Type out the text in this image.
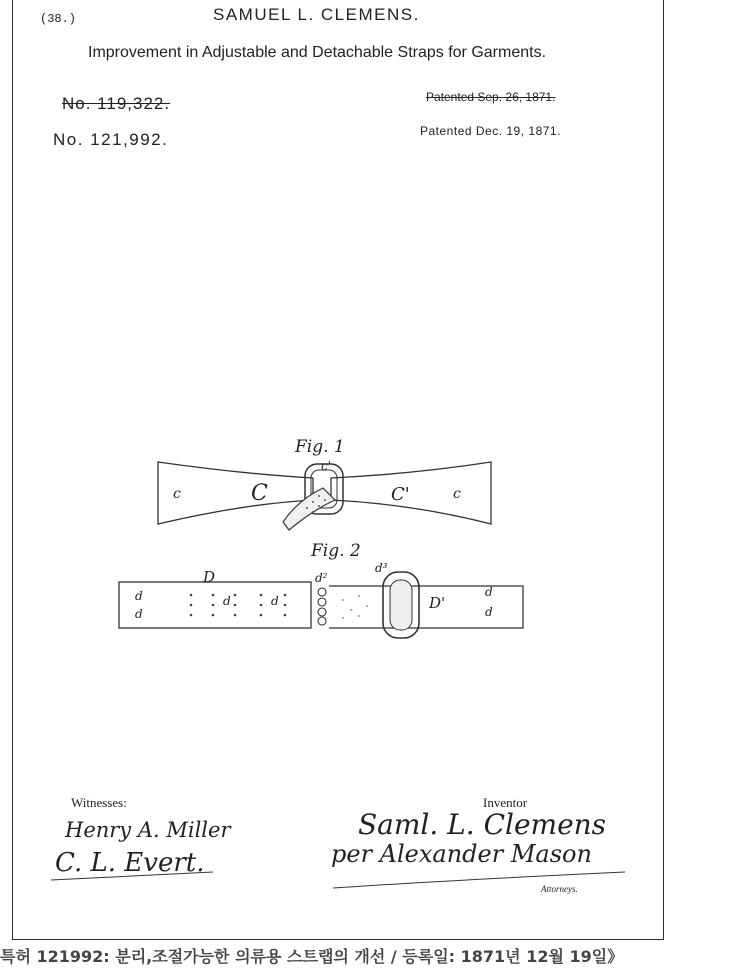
(38.)	SAMUEL L. CLEMENS.
Improvement in Adjustable and Detachable Straps for Garments.
No. 119,322.
No. 121,992.
Patented Sep. 26, 1871.
Patented Dec. 19, 1871.
Fig. 1
c	C
c'
C'	c
Fig. 2
D
d
d
d	d
d²
d³
D'
d
d
Witnesses:
Henry A. Miller
C. L. Evert.
Inventor
Saml. L. Clemens
per Alexander Mason
Attorneys.
특허 121992: 분리,조절가능한 의류용 스트랩의 개선 / 등록일: 1871년 12월 19일》
